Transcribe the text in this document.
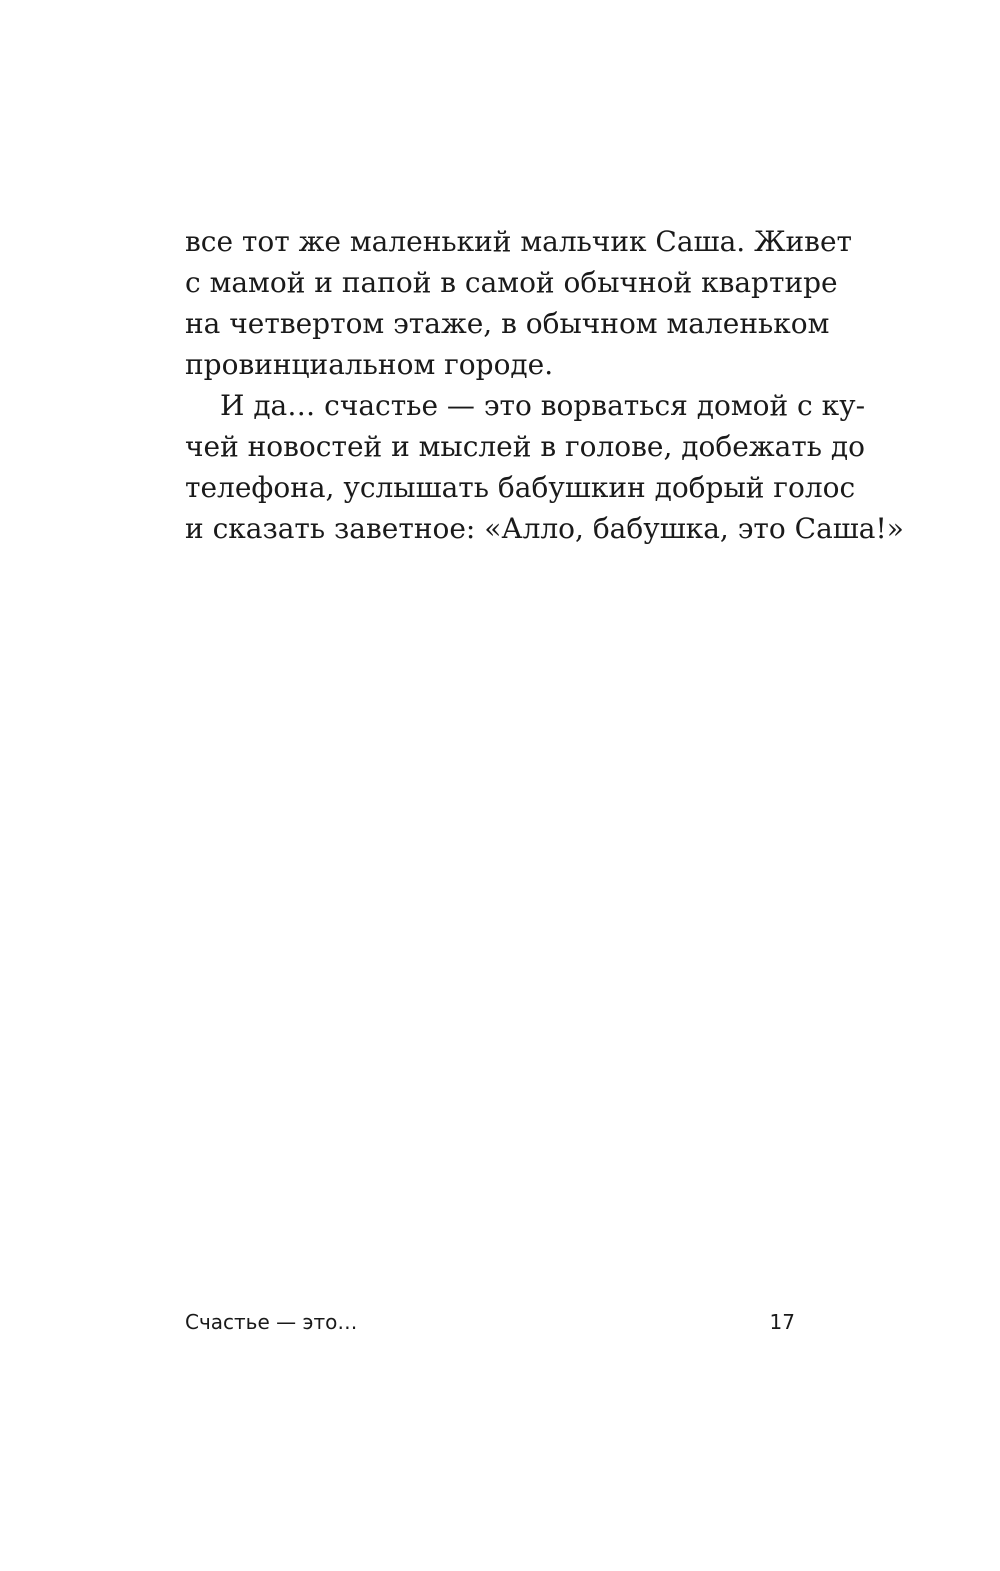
все тот же маленький мальчик Саша. Живет
с мамой и папой в самой обычной квартире
на четвертом этаже, в обычном маленьком
провинциальном городе.
И да… счастье — это ворваться домой с ку-
чей новостей и мыслей в голове, добежать до
телефона, услышать бабушкин добрый голос
и сказать заветное: «Алло, бабушка, это Саша!»
Счастье — это…	17
